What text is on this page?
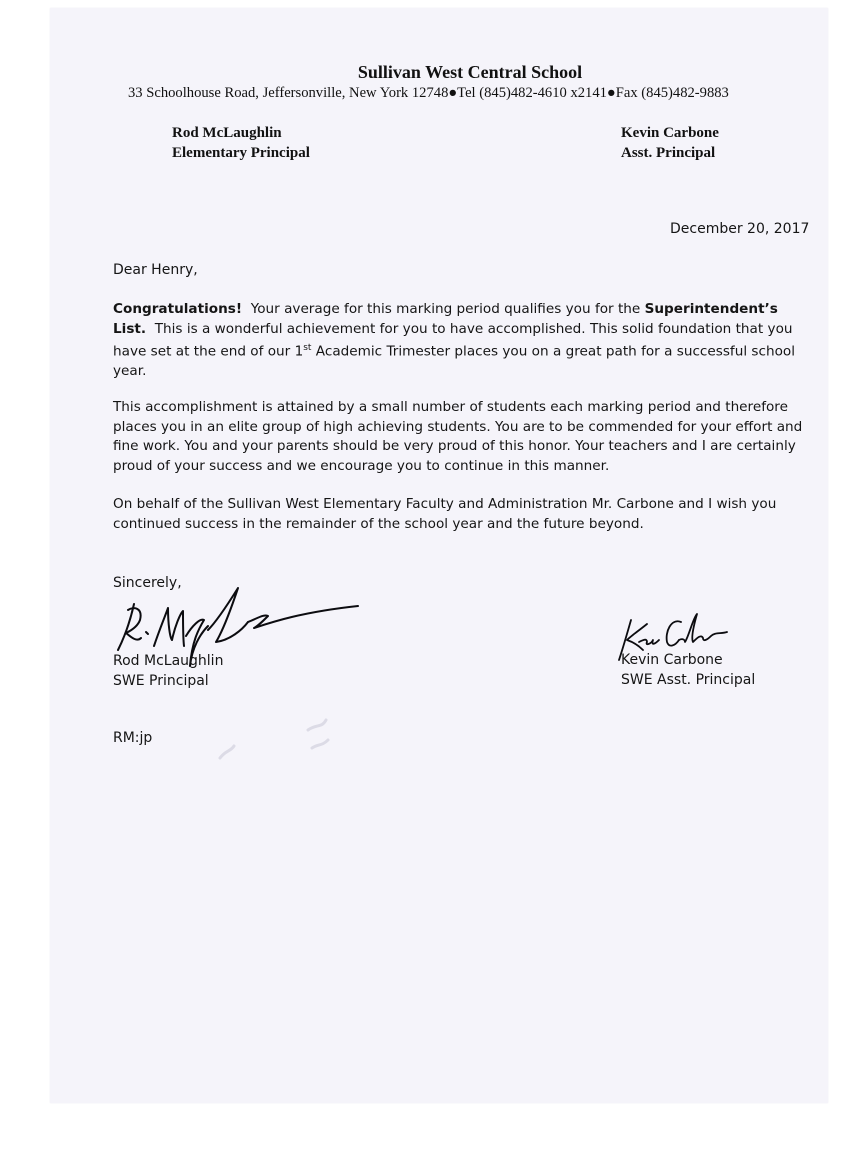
Sullivan West Central School
33 Schoolhouse Road, Jeffersonville, New York 12748●Tel (845)482-4610 x2141●Fax (845)482-9883
Rod McLaughlin
Elementary Principal
Kevin Carbone
Asst. Principal
December 20, 2017
Dear Henry,
Congratulations! Your average for this marking period qualifies you for the Superintendent’s List. This is a wonderful achievement for you to have accomplished. This solid foundation that you have set at the end of our 1st Academic Trimester places you on a great path for a successful school year.
This accomplishment is attained by a small number of students each marking period and therefore places you in an elite group of high achieving students. You are to be commended for your effort and fine work. You and your parents should be very proud of this honor. Your teachers and I are certainly proud of your success and we encourage you to continue in this manner.
On behalf of the Sullivan West Elementary Faculty and Administration Mr. Carbone and I wish you continued success in the remainder of the school year and the future beyond.
Sincerely,
Rod McLaughlin
SWE Principal
Kevin Carbone
SWE Asst. Principal
RM:jp
